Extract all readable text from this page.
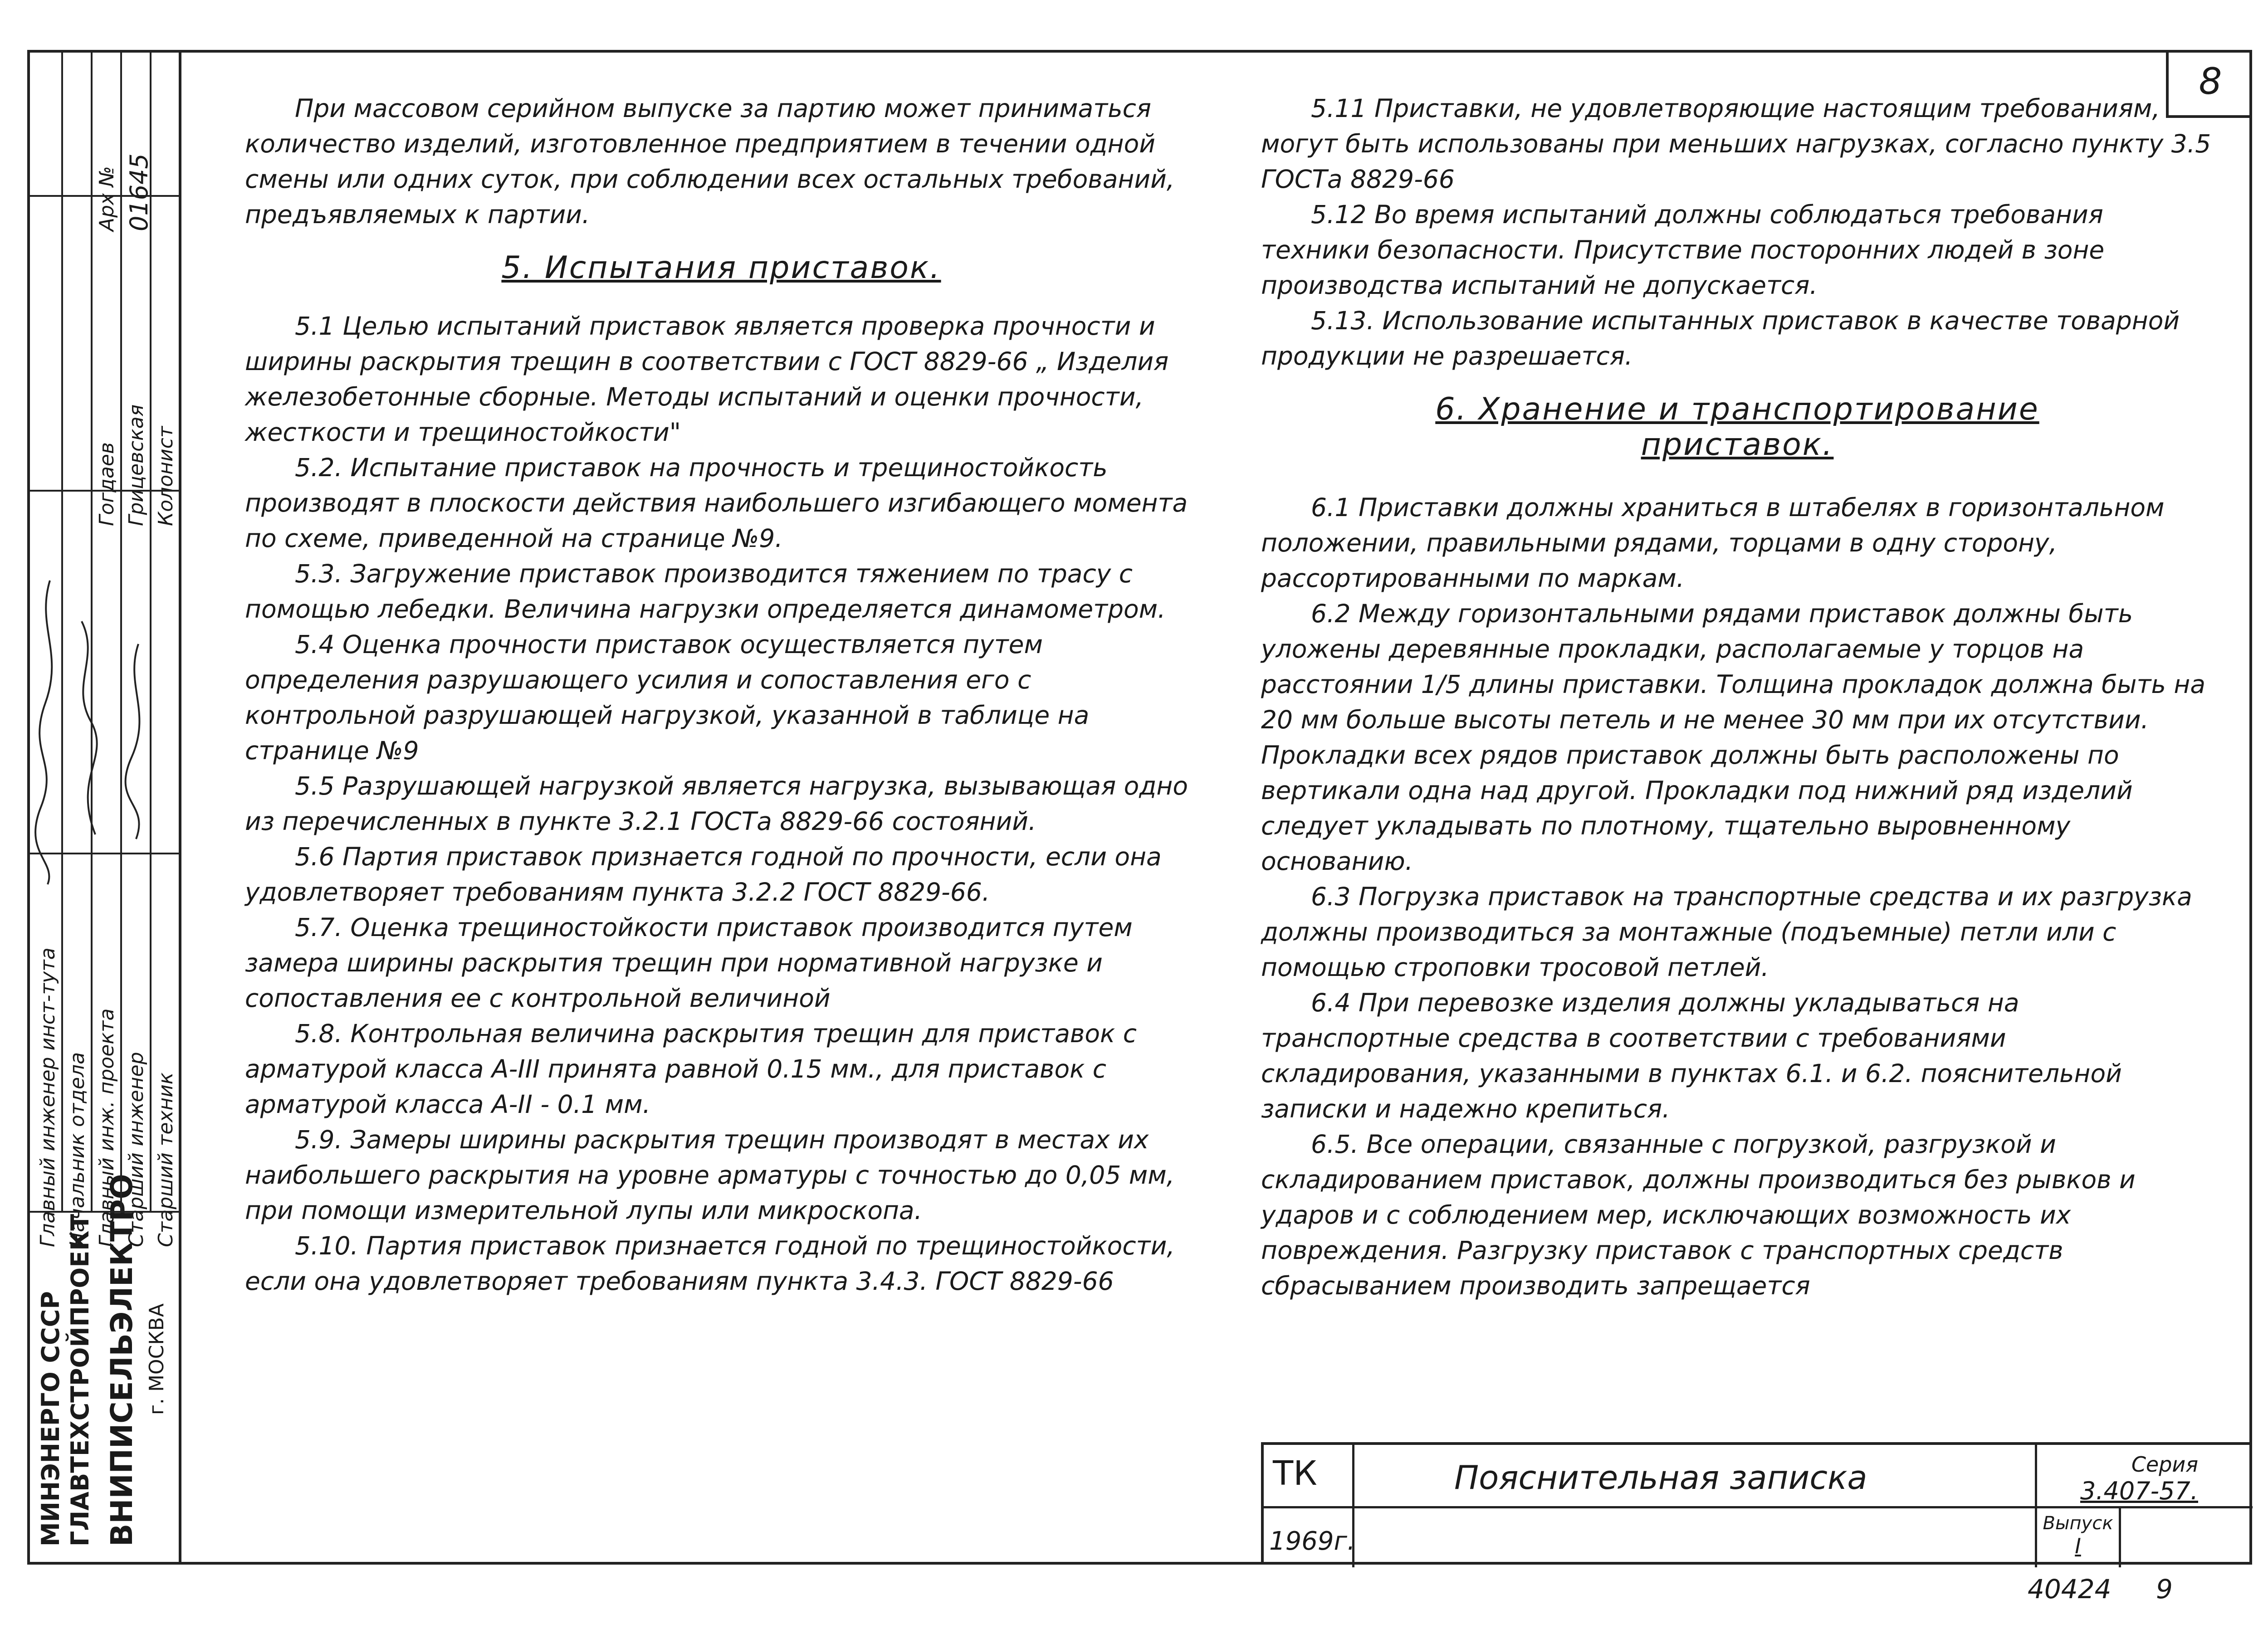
МИНЭНЕРГО СССР ГЛАВТЕХСТРОЙПРОЕКТ ВНИПИСЕЛЬЭЛЕКТРО г. МОСКВА
Главный инженер инст-тута Начальник отдела Главный инж. проекта Старший инженер Старший техник
Гогдаев Грицевская Колонист
Арх № 01645
8

При массовом серийном выпуске за партию может приниматься количество изделий, изготовленное предприятием в течении одной смены или одних суток, при соблюдении всех остальных требований, предъявляемых к партии.

5. Испытания приставок.

5.1 Целью испытаний приставок является проверка прочности и ширины раскрытия трещин в соответствии с ГОСТ 8829-66 „ Изделия железобетонные сборные. Методы испытаний и оценки прочности, жесткости и трещиностойкости"

5.2. Испытание приставок на прочность и трещиностойкость производят в плоскости действия наибольшего изгибающего момента по схеме, приведенной на странице №9.

5.3. Загружение приставок производится тяжением по трасу с помощью лебедки. Величина нагрузки определяется динамометром.

5.4 Оценка прочности приставок осуществляется путем определения разрушающего усилия и сопоставления его с контрольной разрушающей нагрузкой, указанной в таблице на странице №9

5.5 Разрушающей нагрузкой является нагрузка, вызывающая одно из перечисленных в пункте 3.2.1 ГОСТа 8829-66 состояний.

5.6 Партия приставок признается годной по прочности, если она удовлетворяет требованиям пункта 3.2.2 ГОСТ 8829-66.

5.7. Оценка трещиностойкости приставок производится путем замера ширины раскрытия трещин при нормативной нагрузке и сопоставления ее с контрольной величиной

5.8. Контрольная величина раскрытия трещин для приставок с арматурой класса А-III принята равной 0.15 мм., для приставок с арматурой класса А-II - 0.1 мм.

5.9. Замеры ширины раскрытия трещин производят в местах их наибольшего раскрытия на уровне арматуры с точностью до 0,05 мм, при помощи измерительной лупы или микроскопа.

5.10. Партия приставок признается годной по трещиностойкости, если она удовлетворяет требованиям пункта 3.4.3. ГОСТ 8829-66

5.11 Приставки, не удовлетворяющие настоящим требованиям, могут быть использованы при меньших нагрузках, согласно пункту 3.5 ГОСТа 8829-66

5.12 Во время испытаний должны соблюдаться требования техники безопасности. Присутствие посторонних людей в зоне производства испытаний не допускается.

5.13. Использование испытанных приставок в качестве товарной продукции не разрешается.

6. Хранение и транспортирование
приставок.

6.1 Приставки должны храниться в штабелях в горизонтальном положении, правильными рядами, торцами в одну сторону, рассортированными по маркам.

6.2 Между горизонтальными рядами приставок должны быть уложены деревянные прокладки, располагаемые у торцов на расстоянии 1/5 длины приставки. Толщина прокладок должна быть на 20 мм больше высоты петель и не менее 30 мм при их отсутствии. Прокладки всех рядов приставок должны быть расположены по вертикали одна над другой. Прокладки под нижний ряд изделий следует укладывать по плотному, тщательно выровненному основанию.

6.3 Погрузка приставок на транспортные средства и их разгрузка должны производиться за монтажные (подъемные) петли или с помощью строповки тросовой петлей.

6.4 При перевозке изделия должны укладываться на транспортные средства в соответствии с требованиями складирования, указанными в пунктах 6.1. и 6.2. пояснительной записки и надежно крепиться.

6.5. Все операции, связанные с погрузкой, разгрузкой и складированием приставок, должны производиться без рывков и ударов и с соблюдением мер, исключающих возможность их повреждения. Разгрузку приставок с транспортных средств сбрасыванием производить запрещается

ТК	Пояснительная записка
1969г.
Серия
3.407-57.
Выпуск
I
40424 9
